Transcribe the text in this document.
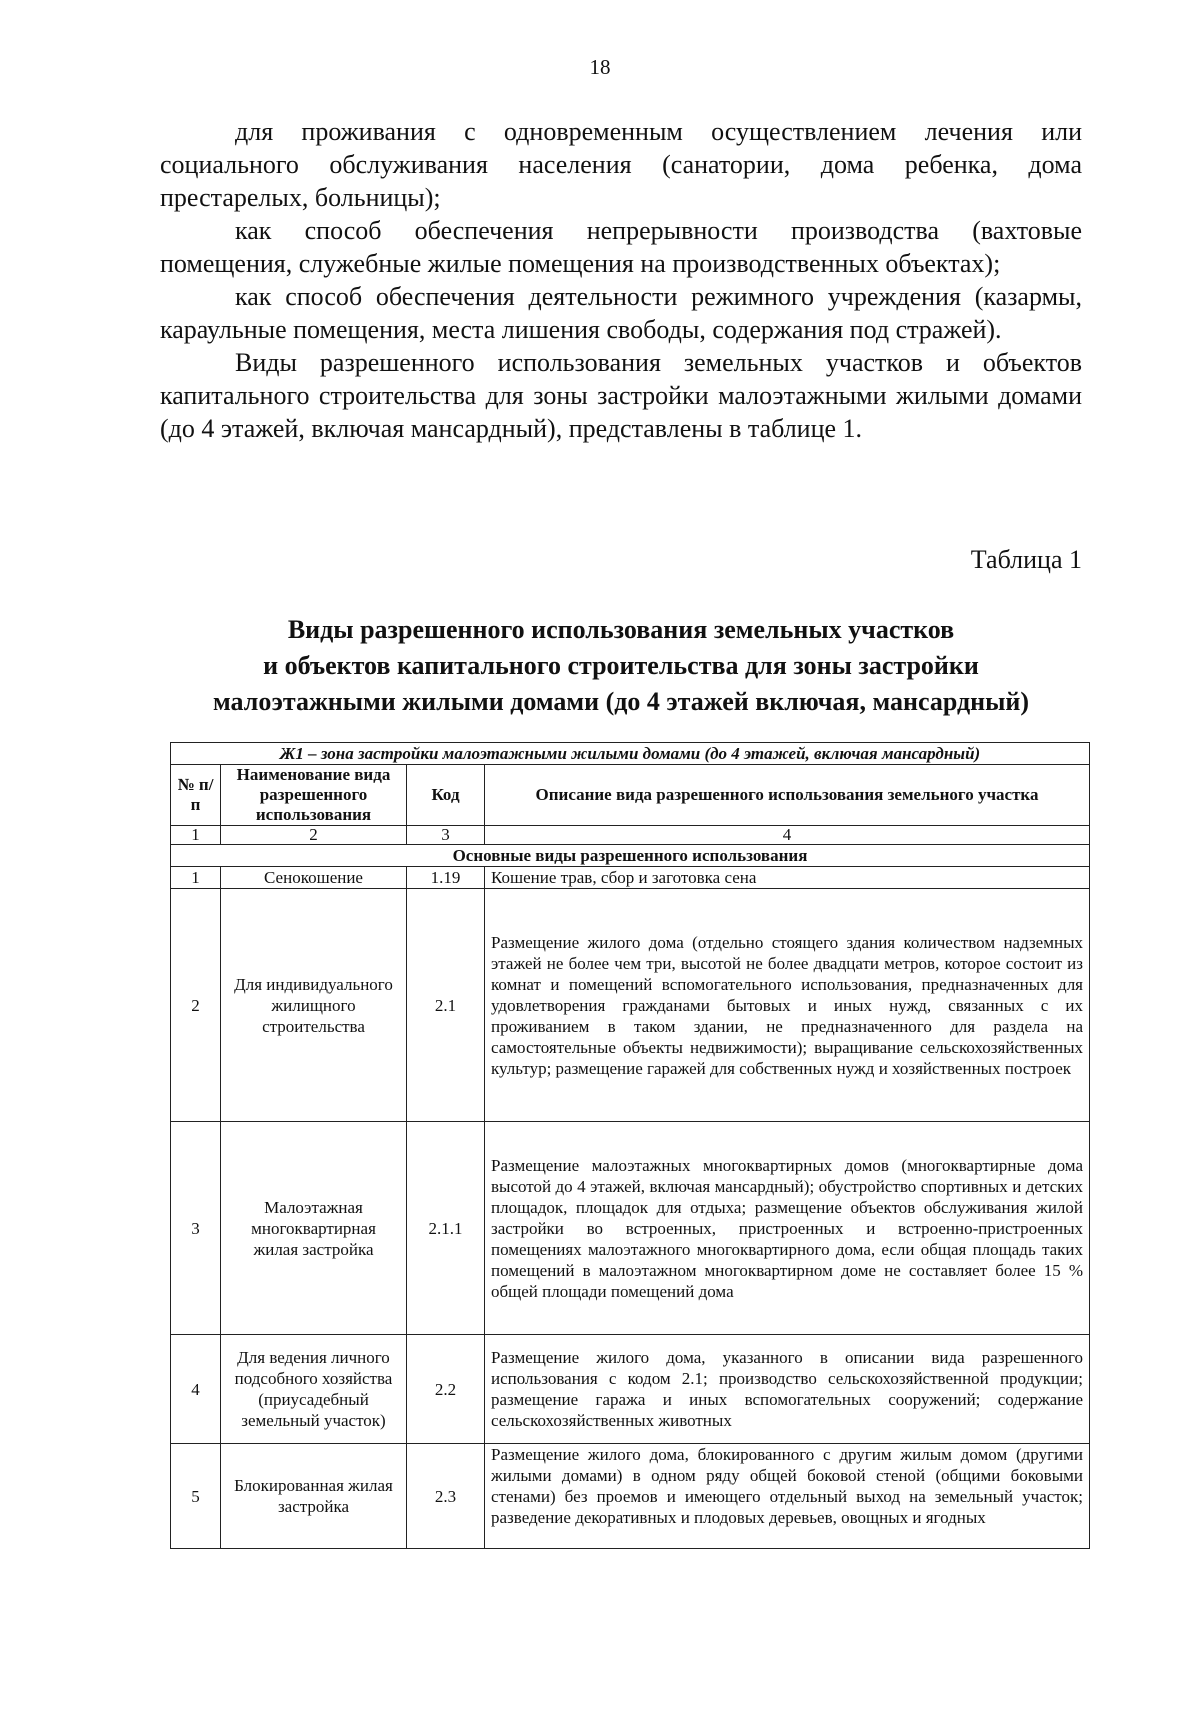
18

для проживания с одновременным осуществлением лечения или социального обслуживания населения (санатории, дома ребенка, дома престарелых, больницы);

как способ обеспечения непрерывности производства (вахтовые помещения, служебные жилые помещения на производственных объектах);

как способ обеспечения деятельности режимного учреждения (казармы, караульные помещения, места лишения свободы, содержания под стражей).

Виды разрешенного использования земельных участков и объектов капитального строительства для зоны застройки малоэтажными жилыми домами (до 4 этажей, включая мансардный), представлены в таблице 1.

Таблица 1
Виды разрешенного использования земельных участков
и объектов капитального строительства для зоны застройки
малоэтажными жилыми домами (до 4 этажей включая, мансардный)
Ж1 – зона застройки малоэтажными жилыми домами (до 4 этажей, включая мансардный)			
№ п/п	Наименование вида разрешенного использования	Код	Описание вида разрешенного использования земельного участка
1	2	3	4
Основные виды разрешенного использования			
1	Сенокошение	1.19	Кошение трав, сбор и заготовка сена
2	Для индивидуального жилищного строительства	2.1	Размещение жилого дома (отдельно стоящего здания количеством надземных этажей не более чем три, высотой не более двадцати метров, которое состоит из комнат и помещений вспомогательного использования, предназначенных для удовлетворения гражданами бытовых и иных нужд, связанных с их проживанием в таком здании, не предназначенного для раздела на самостоятельные объекты недвижимости); выращивание сельскохозяйственных культур; размещение гаражей для собственных нужд и хозяйственных построек
3	Малоэтажная многоквартирная жилая застройка	2.1.1	Размещение малоэтажных многоквартирных домов (многоквартирные дома высотой до 4 этажей, включая мансардный); обустройство спортивных и детских площадок, площадок для отдыха; размещение объектов обслуживания жилой застройки во встроенных, пристроенных и встроенно-пристроенных помещениях малоэтажного многоквартирного дома, если общая площадь таких помещений в малоэтажном многоквартирном доме не составляет более 15 % общей площади помещений дома
4	Для ведения личного подсобного хозяйства (приусадебный земельный участок)	2.2	Размещение жилого дома, указанного в описании вида разрешенного использования с кодом 2.1; производство сельскохозяйственной продукции; размещение гаража и иных вспомогательных сооружений; содержание сельскохозяйственных животных
5	Блокированная жилая застройка	2.3	Размещение жилого дома, блокированного с другим жилым домом (другими жилыми домами) в одном ряду общей боковой стеной (общими боковыми стенами) без проемов и имеющего отдельный выход на земельный участок; разведение декоративных и плодовых деревьев, овощных и ягодных
